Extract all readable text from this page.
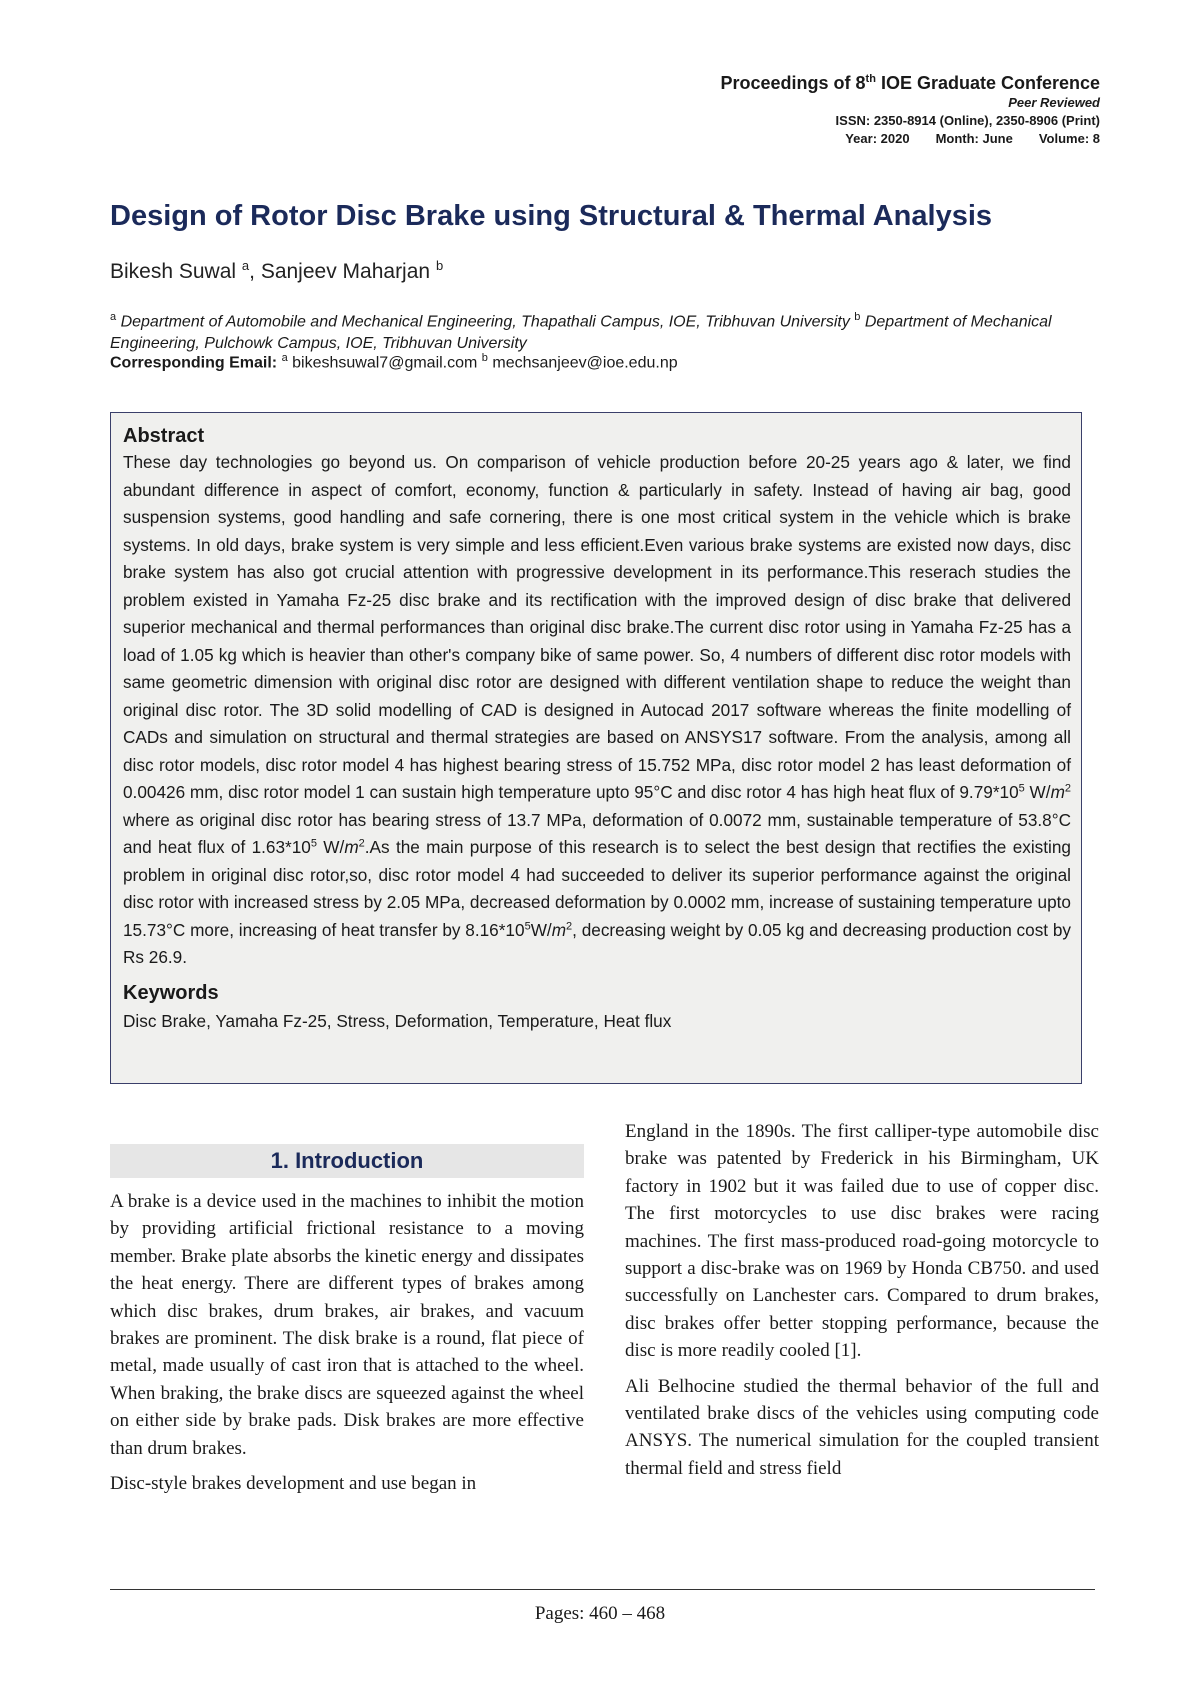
Proceedings of 8th IOE Graduate Conference
Peer Reviewed
ISSN: 2350-8914 (Online), 2350-8906 (Print)
Year: 2020 Month: June Volume: 8
Design of Rotor Disc Brake using Structural & Thermal Analysis
Bikesh Suwal $^a$, Sanjeev Maharjan $^b$
$^a$ Department of Automobile and Mechanical Engineering, Thapathali Campus, IOE, Tribhuvan University $^b$ Department of Mechanical Engineering, Pulchowk Campus, IOE, Tribhuvan University
Corresponding Email: $^a$ bikeshsuwal7@gmail.com $^b$ mechsanjeev@ioe.edu.np
Abstract

These day technologies go beyond us. On comparison of vehicle production before 20-25 years ago & later, we find abundant difference in aspect of comfort, economy, function & particularly in safety. Instead of having air bag, good suspension systems, good handling and safe cornering, there is one most critical system in the vehicle which is brake systems. In old days, brake system is very simple and less efficient.Even various brake systems are existed now days, disc brake system has also got crucial attention with progressive development in its performance.This reserach studies the problem existed in Yamaha Fz-25 disc brake and its rectification with the improved design of disc brake that delivered superior mechanical and thermal performances than original disc brake.The current disc rotor using in Yamaha Fz-25 has a load of 1.05 kg which is heavier than other's company bike of same power. So, 4 numbers of different disc rotor models with same geometric dimension with original disc rotor are designed with different ventilation shape to reduce the weight than original disc rotor. The 3D solid modelling of CAD is designed in Autocad 2017 software whereas the finite modelling of CADs and simulation on structural and thermal strategies are based on ANSYS17 software. From the analysis, among all disc rotor models, disc rotor model 4 has highest bearing stress of 15.752 MPa, disc rotor model 2 has least deformation of 0.00426 mm, disc rotor model 1 can sustain high temperature upto 95°C and disc rotor 4 has high heat flux of $9.79*10^5$ $W/m^2$ where as original disc rotor has bearing stress of 13.7 MPa, deformation of 0.0072 mm, sustainable temperature of 53.8°C and heat flux of $1.63*10^5$ $W/m^2.As$ the main purpose of this research is to select the best design that rectifies the existing problem in original disc rotor,so, disc rotor model 4 had succeeded to deliver its superior performance against the original disc rotor with increased stress by 2.05 MPa, decreased deformation by 0.0002 mm, increase of sustaining temperature upto 15.73°C more, increasing of heat transfer by $8.16*10^5W/m^2$, decreasing weight by 0.05 kg and decreasing production cost by Rs 26.9.

Keywords
Disc Brake, Yamaha Fz-25, Stress, Deformation, Temperature, Heat flux
1. Introduction

A brake is a device used in the machines to inhibit the motion by providing artificial frictional resistance to a moving member. Brake plate absorbs the kinetic energy and dissipates the heat energy. There are different types of brakes among which disc brakes, drum brakes, air brakes, and vacuum brakes are prominent. The disk brake is a round, flat piece of metal, made usually of cast iron that is attached to the wheel. When braking, the brake discs are squeezed against the wheel on either side by brake pads. Disk brakes are more effective than drum brakes.

Disc-style brakes development and use began in

England in the 1890s. The first calliper-type automobile disc brake was patented by Frederick in his Birmingham, UK factory in 1902 but it was failed due to use of copper disc. The first motorcycles to use disc brakes were racing machines. The first mass-produced road-going motorcycle to support a disc-brake was on 1969 by Honda CB750. and used successfully on Lanchester cars. Compared to drum brakes, disc brakes offer better stopping performance, because the disc is more readily cooled [1].

Ali Belhocine studied the thermal behavior of the full and ventilated brake discs of the vehicles using computing code ANSYS. The numerical simulation for the coupled transient thermal field and stress field

Pages: 460 – 468
